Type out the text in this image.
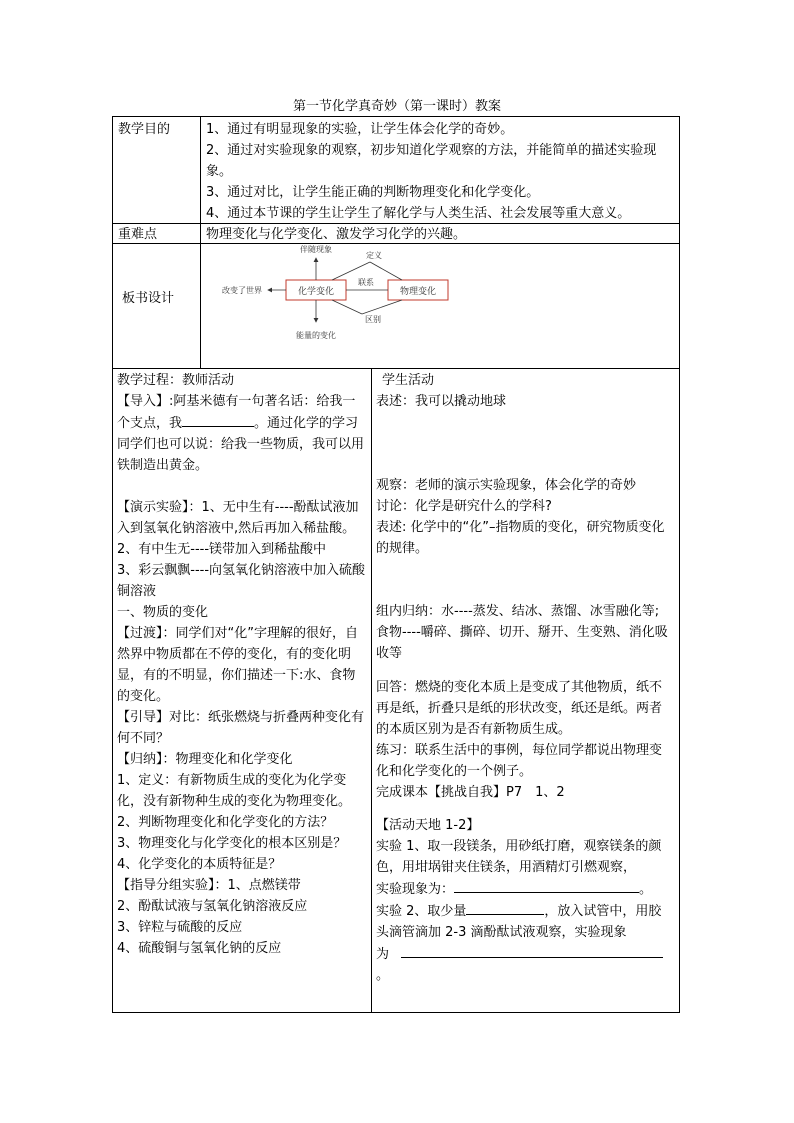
第一节化学真奇妙（第一课时）教案
教学目的	1、通过有明显现象的实验，让学生体会化学的奇妙。

2、通过对实验现象的观察，初步知道化学观察的方法，并能简单的描述实验现象。

3、通过对比，让学生能正确的判断物理变化和化学变化。

4、通过本节课的学生让学生了解化学与人类生活、社会发展等重大意义。

重难点	物理变化与化学变化、激发学习化学的兴趣。
板书设计	化学变化	物理变化
联系
定义
区别
伴随现象
能量的变化
改变了世界

教学过程：教师活动

【导入】:阿基米德有一句著名话：给我一个支点，我	。通过化学的学习同学们也可以说：给我一些物质，我可以用铁制造出黄金。

【演示实验】：1、无中生有----酚酞试液加入到氢氧化钠溶液中,然后再加入稀盐酸。

2、有中生无----镁带加入到稀盐酸中

3、彩云飘飘----向氢氧化钠溶液中加入硫酸铜溶液

一、物质的变化

【过渡】：同学们对“化”字理解的很好，自然界中物质都在不停的变化，有的变化明显，有的不明显，你们描述一下:水、食物的变化。

【引导】对比：纸张燃烧与折叠两种变化有何不同？

【归纳】：物理变化和化学变化

1、定义：有新物质生成的变化为化学变化，没有新物种生成的变化为物理变化。

2、判断物理变化和化学变化的方法？

3、物理变化与化学变化的根本区别是？

4、化学变化的本质特征是？

【指导分组实验】：1、点燃镁带

2、酚酞试液与氢氧化钠溶液反应

3、锌粒与硫酸的反应

4、硫酸铜与氢氧化钠的反应

学生活动

表述：我可以撬动地球

观察：老师的演示实验现象，体会化学的奇妙

讨论：化学是研究什么的学科?

表述: 化学中的“化”–指物质的变化，研究物质变化的规律。

组内归纳：水----蒸发、结冰、蒸馏、冰雪融化等; 食物----嚼碎、撕碎、切开、掰开、生变熟、消化吸收等

回答：燃烧的变化本质上是变成了其他物质，纸不再是纸，折叠只是纸的形状改变，纸还是纸。两者的本质区别为是否有新物质生成。

练习：联系生活中的事例，每位同学都说出物理变化和化学变化的一个例子。

完成课本【挑战自我】P7　1、2

【活动天地 1-2】

实验 1、取一段镁条，用砂纸打磨，观察镁条的颜色，用坩埚钳夹住镁条，用酒精灯引燃观察，

实验现象为：	。

实验 2、取少量	，放入试管中，用胶头滴管滴加 2-3 滴酚酞试液观察，实验现象

为。
